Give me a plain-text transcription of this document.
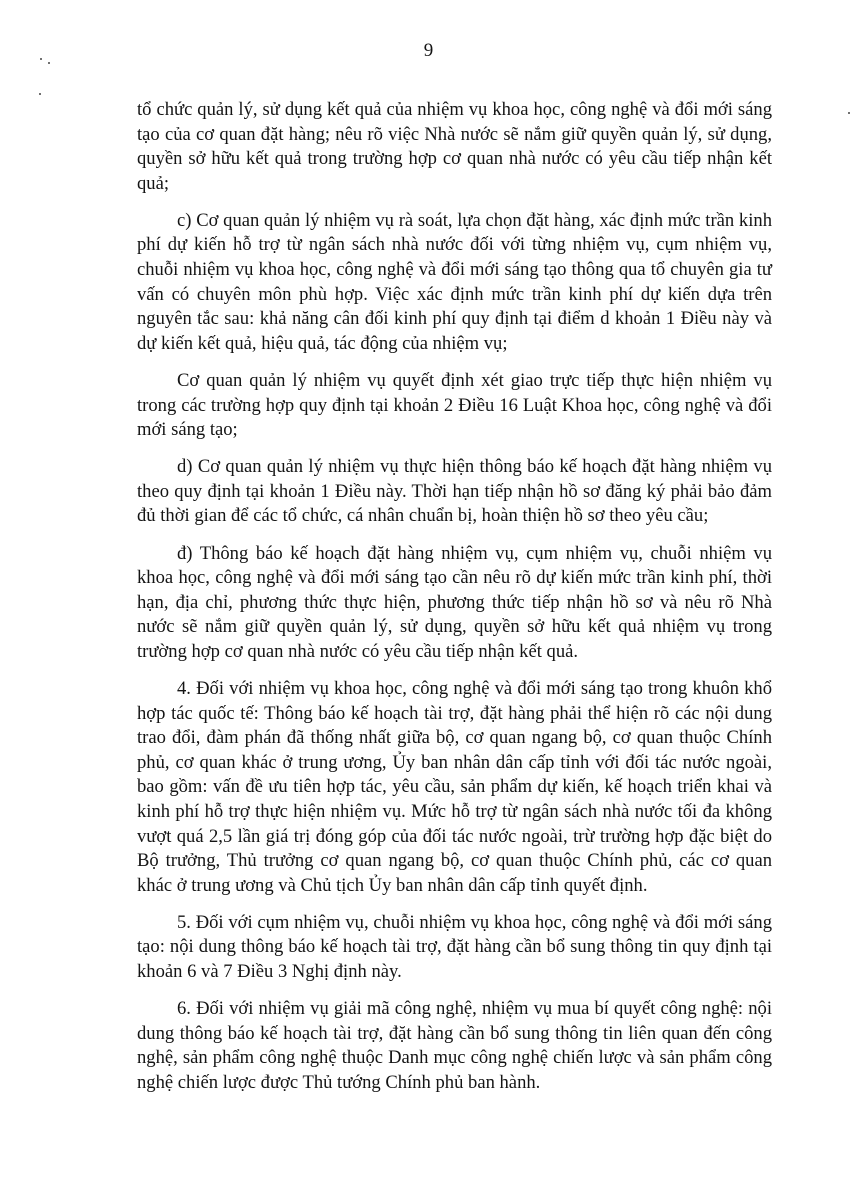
9

tổ chức quản lý, sử dụng kết quả của nhiệm vụ khoa học, công nghệ và đổi mới sáng tạo của cơ quan đặt hàng; nêu rõ việc Nhà nước sẽ nắm giữ quyền quản lý, sử dụng, quyền sở hữu kết quả trong trường hợp cơ quan nhà nước có yêu cầu tiếp nhận kết quả;

c) Cơ quan quản lý nhiệm vụ rà soát, lựa chọn đặt hàng, xác định mức trần kinh phí dự kiến hỗ trợ từ ngân sách nhà nước đối với từng nhiệm vụ, cụm nhiệm vụ, chuỗi nhiệm vụ khoa học, công nghệ và đổi mới sáng tạo thông qua tổ chuyên gia tư vấn có chuyên môn phù hợp. Việc xác định mức trần kinh phí dự kiến dựa trên nguyên tắc sau: khả năng cân đối kinh phí quy định tại điểm d khoản 1 Điều này và dự kiến kết quả, hiệu quả, tác động của nhiệm vụ;

Cơ quan quản lý nhiệm vụ quyết định xét giao trực tiếp thực hiện nhiệm vụ trong các trường hợp quy định tại khoản 2 Điều 16 Luật Khoa học, công nghệ và đổi mới sáng tạo;

d) Cơ quan quản lý nhiệm vụ thực hiện thông báo kế hoạch đặt hàng nhiệm vụ theo quy định tại khoản 1 Điều này. Thời hạn tiếp nhận hồ sơ đăng ký phải bảo đảm đủ thời gian để các tổ chức, cá nhân chuẩn bị, hoàn thiện hồ sơ theo yêu cầu;

đ) Thông báo kế hoạch đặt hàng nhiệm vụ, cụm nhiệm vụ, chuỗi nhiệm vụ khoa học, công nghệ và đổi mới sáng tạo cần nêu rõ dự kiến mức trần kinh phí, thời hạn, địa chỉ, phương thức thực hiện, phương thức tiếp nhận hồ sơ và nêu rõ Nhà nước sẽ nắm giữ quyền quản lý, sử dụng, quyền sở hữu kết quả nhiệm vụ trong trường hợp cơ quan nhà nước có yêu cầu tiếp nhận kết quả.

4. Đối với nhiệm vụ khoa học, công nghệ và đổi mới sáng tạo trong khuôn khổ hợp tác quốc tế: Thông báo kế hoạch tài trợ, đặt hàng phải thể hiện rõ các nội dung trao đổi, đàm phán đã thống nhất giữa bộ, cơ quan ngang bộ, cơ quan thuộc Chính phủ, cơ quan khác ở trung ương, Ủy ban nhân dân cấp tỉnh với đối tác nước ngoài, bao gồm: vấn đề ưu tiên hợp tác, yêu cầu, sản phẩm dự kiến, kế hoạch triển khai và kinh phí hỗ trợ thực hiện nhiệm vụ. Mức hỗ trợ từ ngân sách nhà nước tối đa không vượt quá 2,5 lần giá trị đóng góp của đối tác nước ngoài, trừ trường hợp đặc biệt do Bộ trưởng, Thủ trưởng cơ quan ngang bộ, cơ quan thuộc Chính phủ, các cơ quan khác ở trung ương và Chủ tịch Ủy ban nhân dân cấp tỉnh quyết định.

5. Đối với cụm nhiệm vụ, chuỗi nhiệm vụ khoa học, công nghệ và đổi mới sáng tạo: nội dung thông báo kế hoạch tài trợ, đặt hàng cần bổ sung thông tin quy định tại khoản 6 và 7 Điều 3 Nghị định này.

6. Đối với nhiệm vụ giải mã công nghệ, nhiệm vụ mua bí quyết công nghệ: nội dung thông báo kế hoạch tài trợ, đặt hàng cần bổ sung thông tin liên quan đến công nghệ, sản phẩm công nghệ thuộc Danh mục công nghệ chiến lược và sản phẩm công nghệ chiến lược được Thủ tướng Chính phủ ban hành.
